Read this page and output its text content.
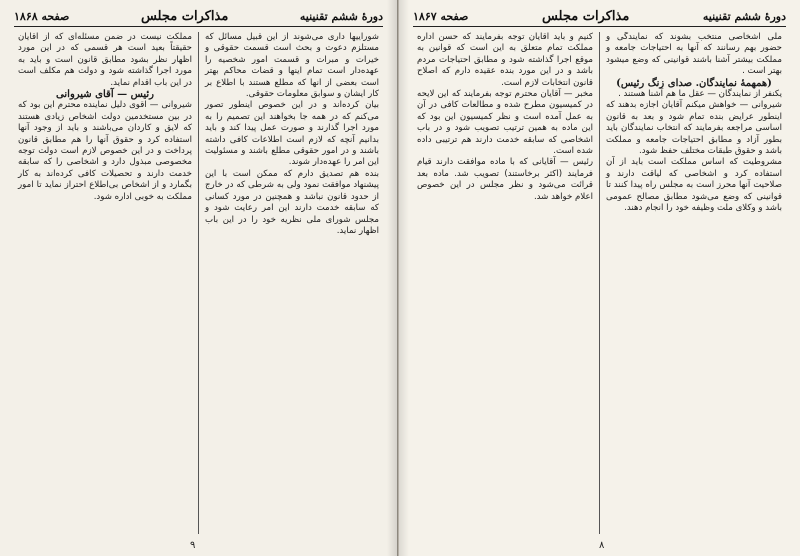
دورهٔ ششم تقنینیه
مذاکرات مجلس
صفحه ۱۸۶۸

شوراییها داری می‌شوند از این قبیل مسائل که مستلزم دعوت و بحث است قسمت حقوقی و خیرات و مبرات و قسمت امور شخصیه را عهده‌دار است تمام اینها و قضات محاکم بهتر است بعضی از انها که مطلع هستند با اطلاع بر کار ایشان و سوابق معلومات حقوقی.

بیان کرده‌اند و در این خصوص اینطور تصور می‌کنم که در همه جا بخواهند این تصمیم را به مورد اجرا گذارند و صورت عمل پیدا کند و باید بدانیم آنچه که لازم است اطلاعات کافی داشته باشند و در امور حقوقی مطلع باشند و مسئولیت این امر را عهده‌دار شوند.

بنده هم تصدیق دارم که ممکن است با این پیشنهاد موافقت نمود ولی به شرطی که در خارج از حدود قانون نباشد و همچنین در مورد کسانی که سابقه خدمت دارند این امر رعایت شود و مجلس شورای ملی نظریه خود را در این باب اظهار نماید.

مملکت نیست در ضمن مسئله‌ای که از آقایان حقیقتاً بعید است هر قسمی که در این مورد اظهار نظر بشود مطابق قانون است و باید به مورد اجرا گذاشته شود و دولت هم مکلف است در این باب اقدام نماید.

رئیس — آقای شیروانی

شیروانی — اقوی دلیل نماینده محترم این بود که در بین مستخدمین دولت اشخاص زیادی هستند که لایق و کاردان می‌باشند و باید از وجود آنها استفاده کرد و حقوق آنها را هم مطابق قانون پرداخت و در این خصوص لازم است دولت توجه مخصوصی مبذول دارد و اشخاصی را که سابقه خدمت دارند و تحصیلات کافی کرده‌اند به کار بگمارد و از اشخاص بی‌اطلاع احتراز نماید تا امور مملکت به خوبی اداره شود.

۹
دورهٔ ششم تقنینیه
مذاکرات مجلس
صفحه ۱۸۶۷

ملی اشخاصی منتخب بشوند که نمایندگی و حضور بهم رسانند که آنها به احتیاجات جامعه و مملکت بیشتر آشنا باشند قوانینی که وضع میشود بهتر است .

(همهمهٔ نمایندگان. صدای زنگ رئیس)

یکنفر از نمایندگان — عقل ما هم آشنا هستند .

شیروانی — خواهش میکنم آقایان اجازه بدهند که اینطور عرایض بنده تمام شود و بعد به قانون اساسی مراجعه بفرمایند که انتخاب نمایندگان باید بطور آزاد و مطابق احتیاجات جامعه و مملکت باشد و حقوق طبقات مختلف حفظ شود.

مشروطیت که اساس مملکت است باید از آن استفاده کرد و اشخاصی که لیاقت دارند و صلاحیت آنها محرز است به مجلس راه پیدا کنند تا قوانینی که وضع می‌شود مطابق مصالح عمومی باشد و وکلای ملت وظیفه خود را انجام دهند.

کنیم و باید آقایان توجه بفرمایند که حسن اداره مملکت تمام متعلق به این است که قوانین به موقع اجرا گذاشته شود و مطابق احتیاجات مردم باشد و در این مورد بنده عقیده دارم که اصلاح قانون انتخابات لازم است.

مخبر — آقایان محترم توجه بفرمایند که این لایحه در کمیسیون مطرح شده و مطالعات کافی در آن به عمل آمده است و نظر کمیسیون این بود که این ماده به همین ترتیب تصویب شود و در باب اشخاصی که سابقه خدمت دارند هم ترتیبی داده شده است.

رئیس — آقایانی که با ماده موافقت دارند قیام فرمایند (اکثر برخاستند) تصویب شد. ماده بعد قرائت می‌شود و نظر مجلس در این خصوص اعلام خواهد شد.

۸
